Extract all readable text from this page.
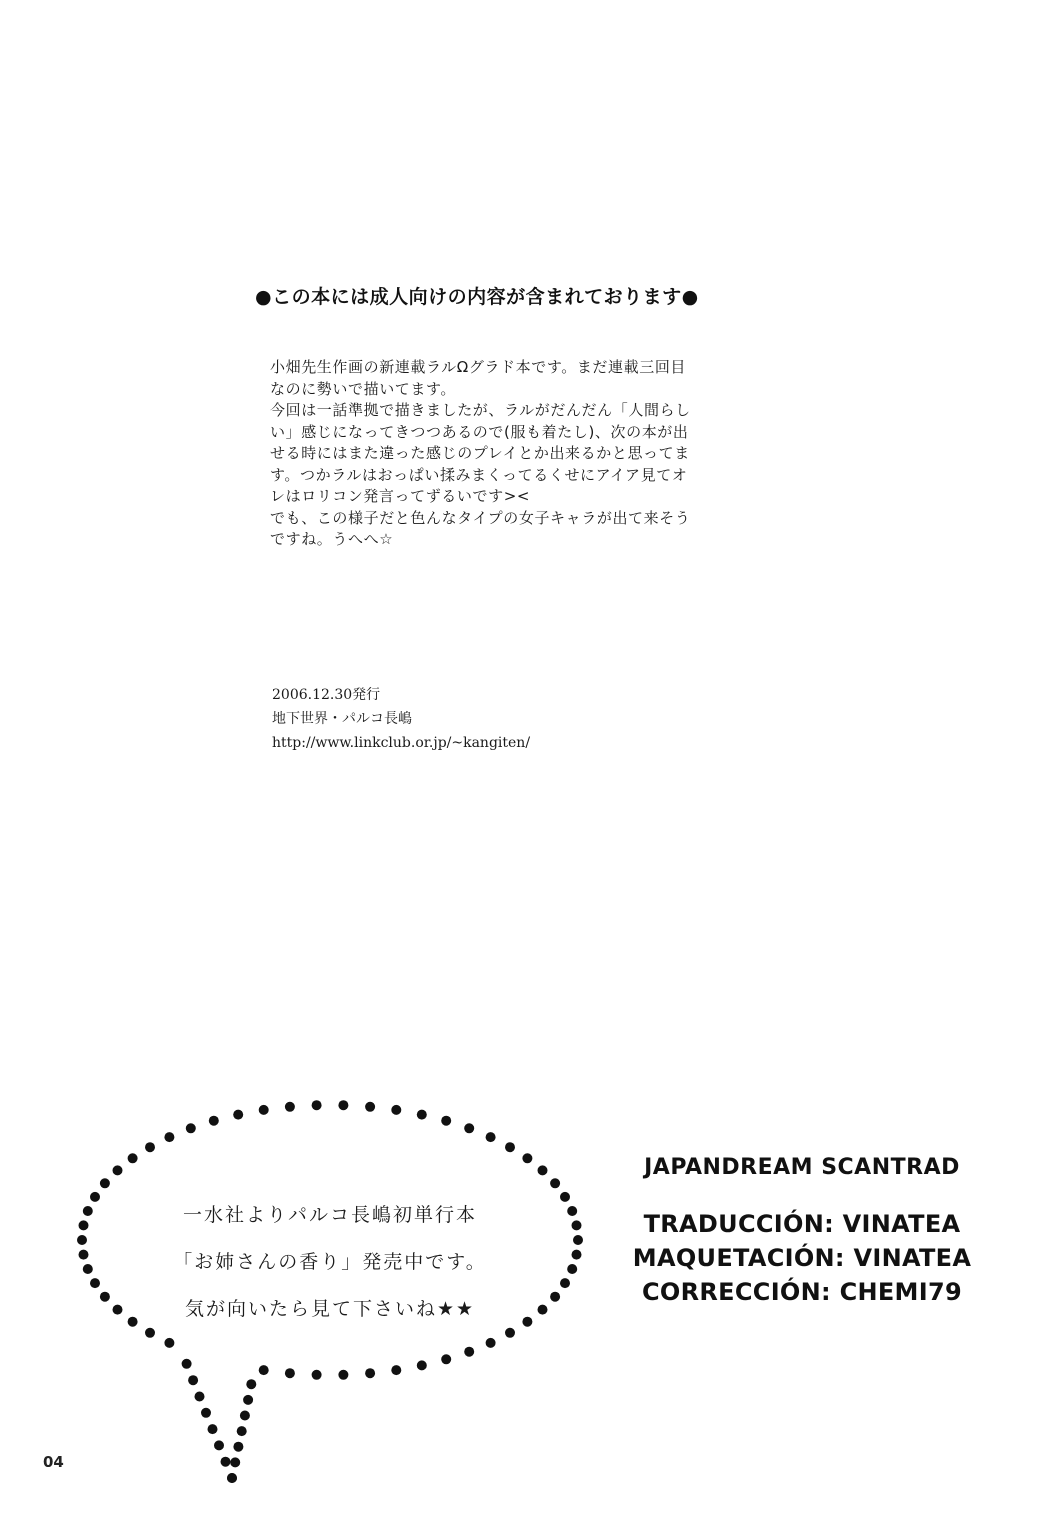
●この本には成人向けの内容が含まれております●
小畑先生作画の新連載ラルΩグラド本です。まだ連載三回目
なのに勢いで描いてます。
今回は一話準拠で描きましたが、ラルがだんだん「人間らし
い」感じになってきつつあるので(服も着たし)、次の本が出
せる時にはまた違った感じのプレイとか出来るかと思ってま
す。つかラルはおっぱい揉みまくってるくせにアイア見てオ
レはロリコン発言ってずるいです><
でも、この様子だと色んなタイプの女子キャラが出て来そう
ですね。うへへ☆
2006.12.30発行
地下世界・パルコ長嶋
http://www.linkclub.or.jp/~kangiten/
一水社よりパルコ長嶋初単行本
「お姉さんの香り」発売中です。
気が向いたら見て下さいね★★
JAPANDREAM SCANTRAD
TRADUCCIÓN: VINATEA
MAQUETACIÓN: VINATEA
CORRECCIÓN: CHEMI79
04
